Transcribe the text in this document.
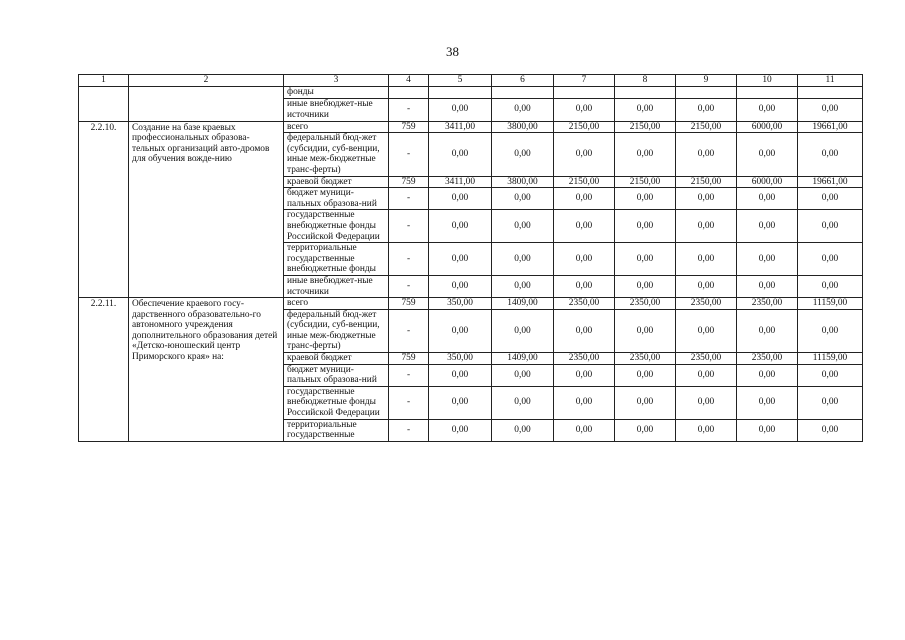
38
1	2	3	4	5	6	7	8	9	10	11
		фонды								
		иные внебюджет-ные источники	-	0,00	0,00	0,00	0,00	0,00	0,00	0,00
2.2.10.	Создание на базе краевых профессиональных образова-тельных организаций авто-дромов для обучения вожде-нию	всего	759	3411,00	3800,00	2150,00	2150,00	2150,00	6000,00	19661,00
		федеральный бюд-жет (субсидии, суб-венции, иные меж-бюджетные транс-ферты)	-	0,00	0,00	0,00	0,00	0,00	0,00	0,00
		краевой бюджет	759	3411,00	3800,00	2150,00	2150,00	2150,00	6000,00	19661,00
		бюджет муници-пальных образова-ний	-	0,00	0,00	0,00	0,00	0,00	0,00	0,00
		государственные внебюджетные фонды Российской Федерации	-	0,00	0,00	0,00	0,00	0,00	0,00	0,00
		территориальные государственные внебюджетные фонды	-	0,00	0,00	0,00	0,00	0,00	0,00	0,00
		иные внебюджет-ные источники	-	0,00	0,00	0,00	0,00	0,00	0,00	0,00
2.2.11.	Обеспечение краевого госу-дарственного образовательно-го автономного учреждения дополнительного образования детей «Детско-юношеский центр Приморского края» на:	всего	759	350,00	1409,00	2350,00	2350,00	2350,00	2350,00	11159,00
		федеральный бюд-жет (субсидии, суб-венции, иные меж-бюджетные транс-ферты)	-	0,00	0,00	0,00	0,00	0,00	0,00	0,00
		краевой бюджет	759	350,00	1409,00	2350,00	2350,00	2350,00	2350,00	11159,00
		бюджет муници-пальных образова-ний	-	0,00	0,00	0,00	0,00	0,00	0,00	0,00
		государственные внебюджетные фонды Российской Федерации	-	0,00	0,00	0,00	0,00	0,00	0,00	0,00
		территориальные государственные	-	0,00	0,00	0,00	0,00	0,00	0,00	0,00
